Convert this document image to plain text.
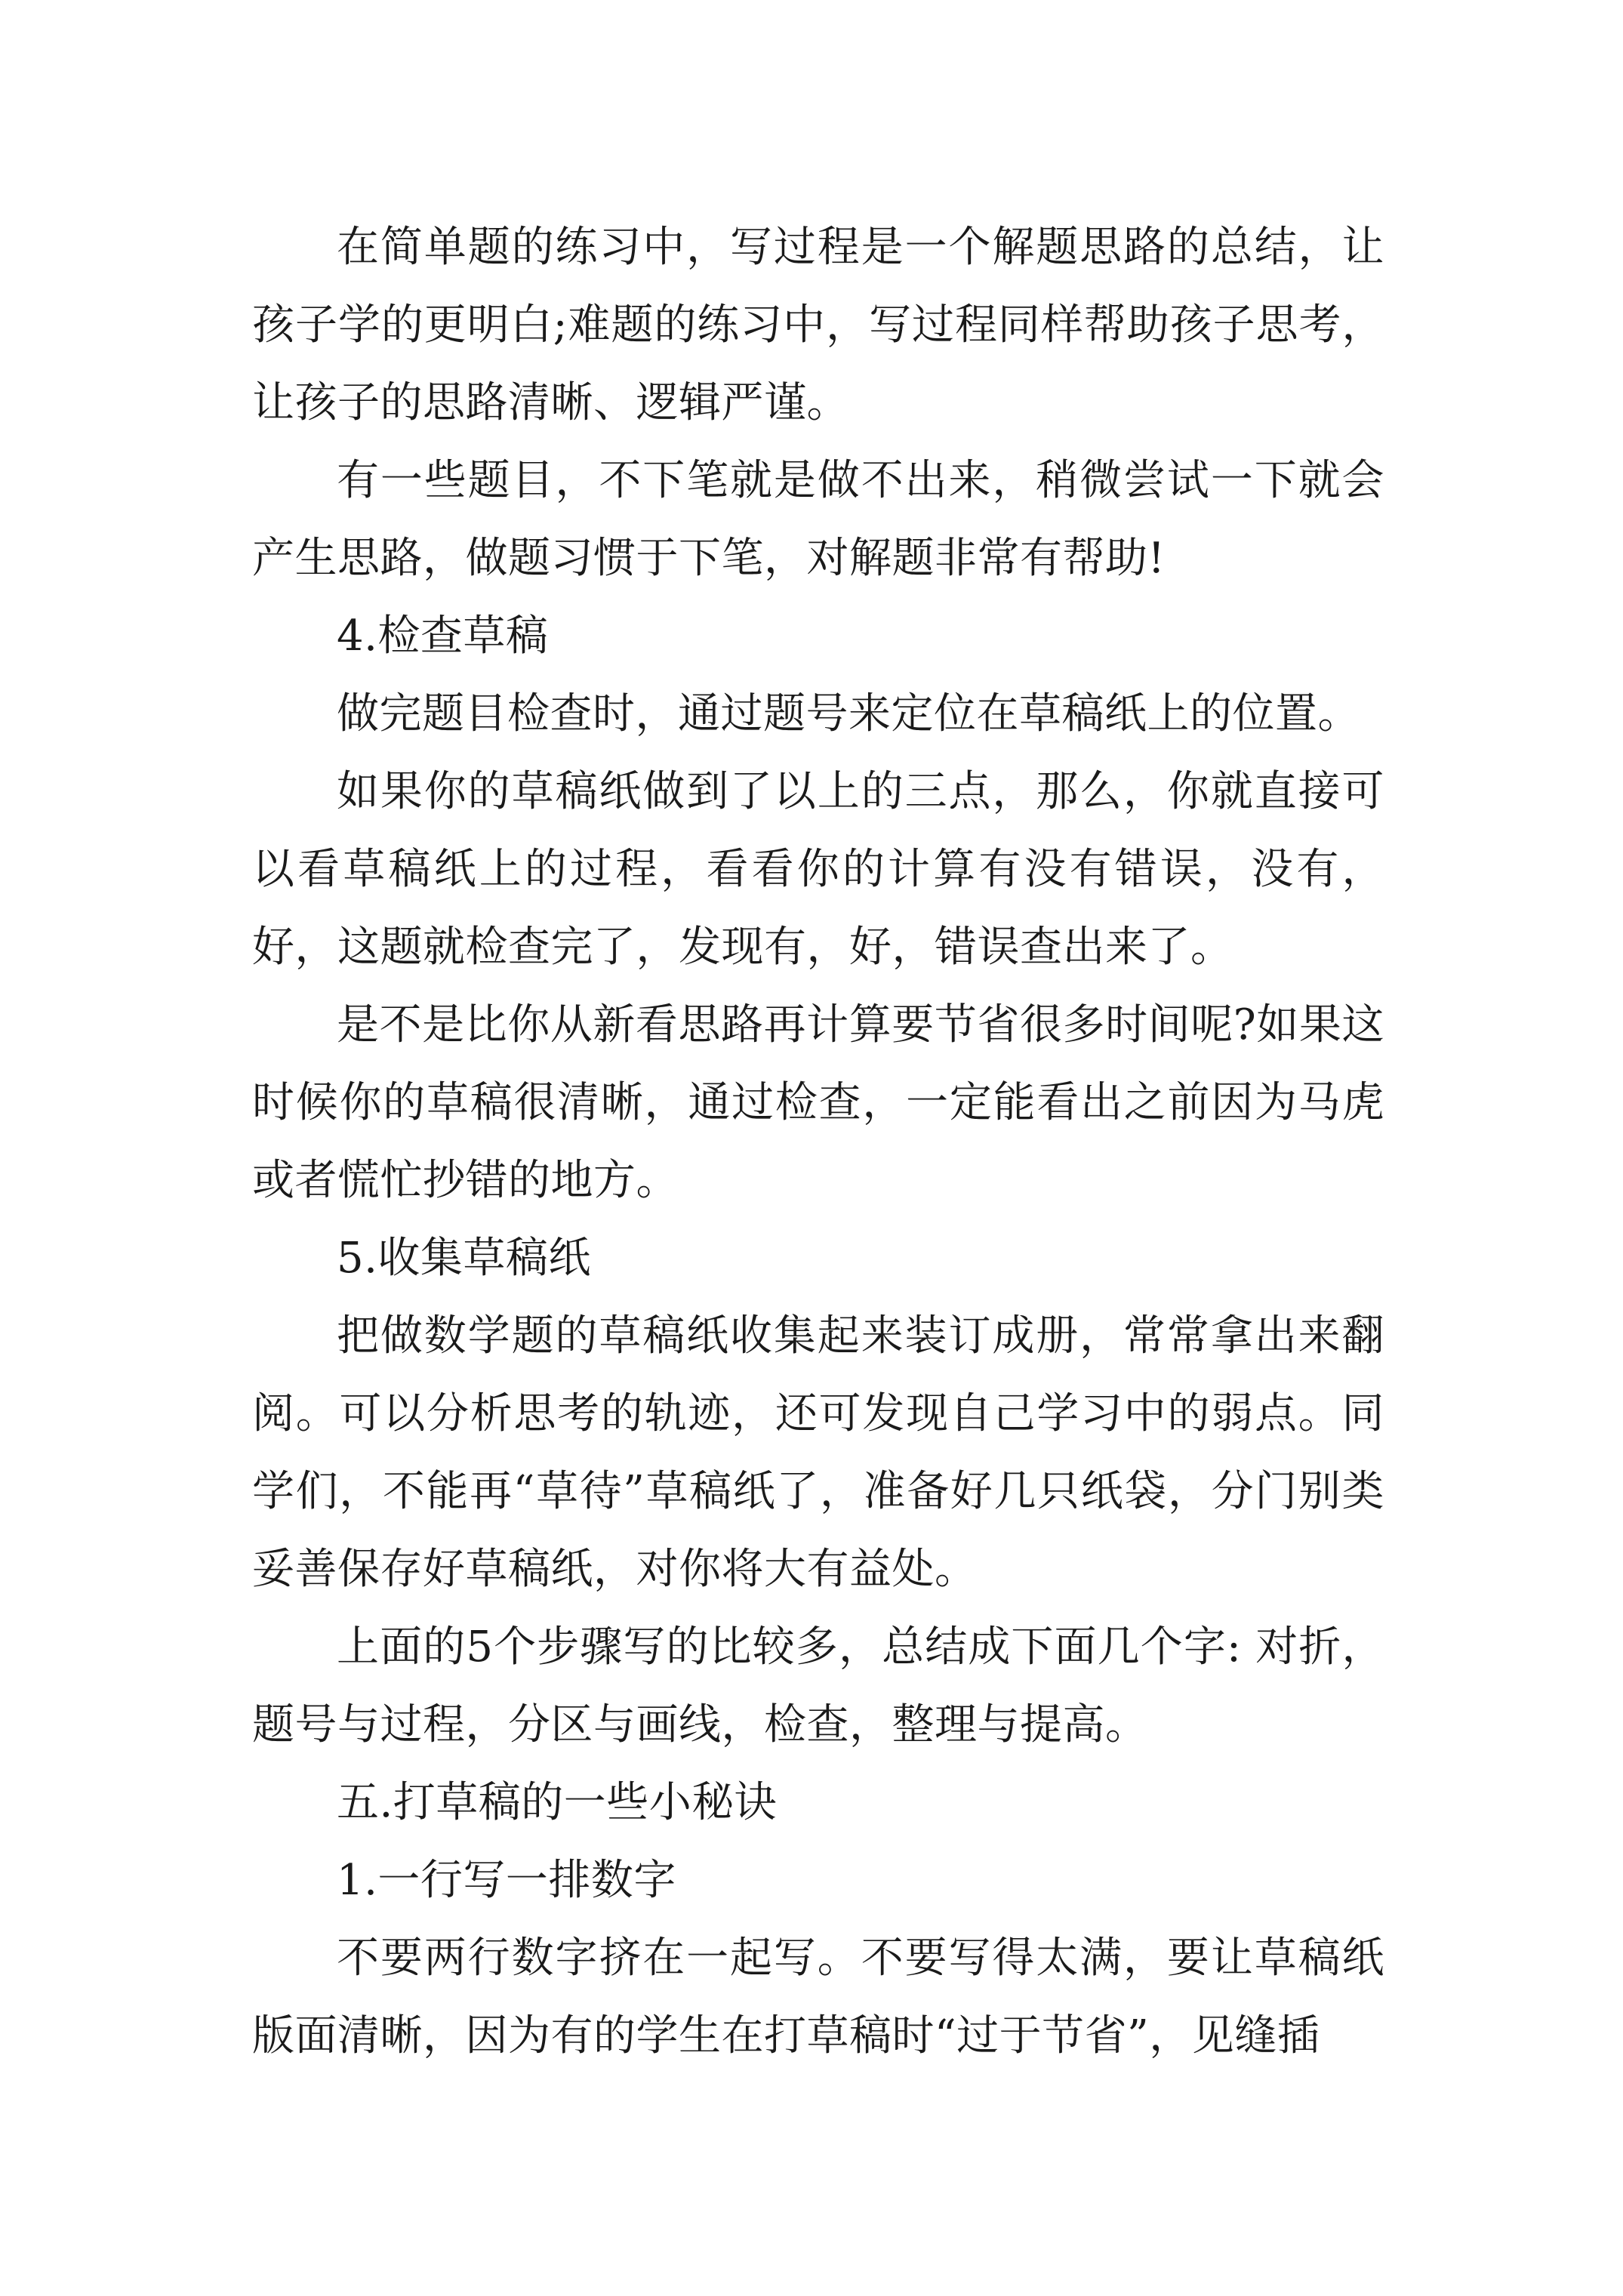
在简单题的练习中，写过程是一个解题思路的总结，让孩子学的更明白;难题的练习中，写过程同样帮助孩子思考，让孩子的思路清晰、逻辑严谨。

有一些题目，不下笔就是做不出来，稍微尝试一下就会产生思路，做题习惯于下笔，对解题非常有帮助!

4.检查草稿

做完题目检查时，通过题号来定位在草稿纸上的位置。

如果你的草稿纸做到了以上的三点，那么，你就直接可以看草稿纸上的过程，看看你的计算有没有错误，没有，好，这题就检查完了，发现有，好，错误查出来了。

是不是比你从新看思路再计算要节省很多时间呢?如果这时候你的草稿很清晰，通过检查，一定能看出之前因为马虎或者慌忙抄错的地方。

5.收集草稿纸

把做数学题的草稿纸收集起来装订成册，常常拿出来翻阅。可以分析思考的轨迹，还可发现自己学习中的弱点。同学们，不能再“草待”草稿纸了，准备好几只纸袋，分门别类妥善保存好草稿纸，对你将大有益处。

上面的5个步骤写的比较多，总结成下面几个字: 对折，题号与过程，分区与画线，检查，整理与提高。

五.打草稿的一些小秘诀

1.一行写一排数字

不要两行数字挤在一起写。不要写得太满，要让草稿纸版面清晰，因为有的学生在打草稿时“过于节省”，见缝插
